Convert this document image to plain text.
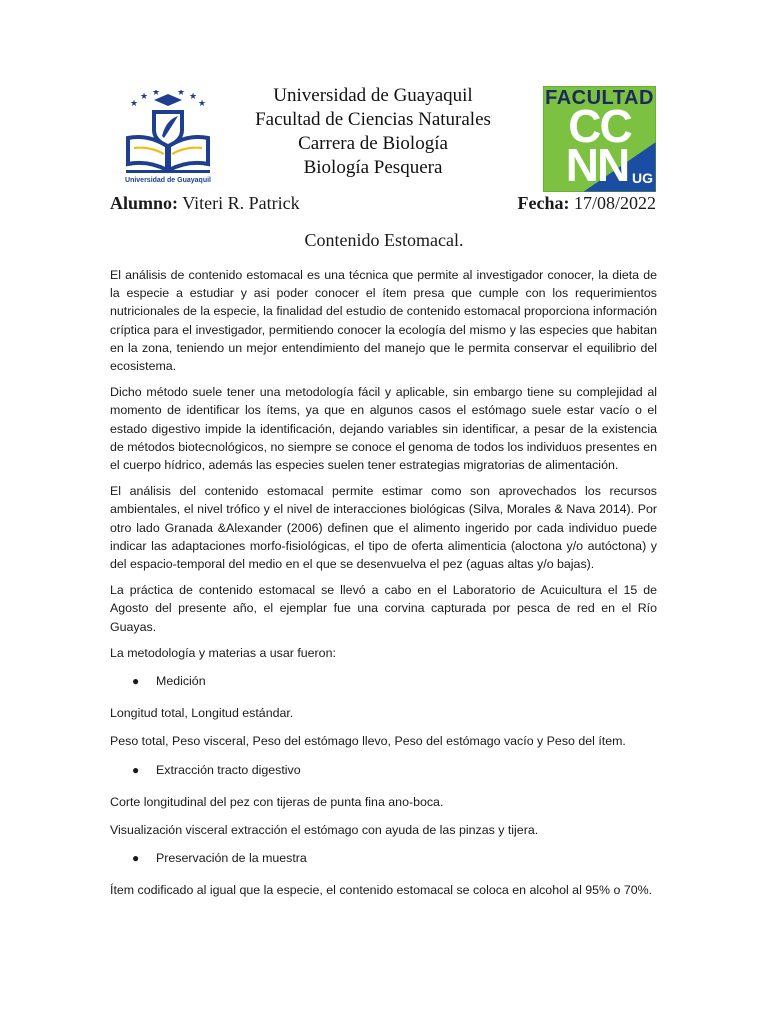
★
★ ★ ★ ★
★
Universidad de Guayaquil
Universidad de Guayaquil
Facultad de Ciencias Naturales
Carrera de Biología
Biología Pesquera
FACULTAD
CC
NN UG
Alumno: Viteri R. Patrick	Fecha: 17/08/2022
Contenido Estomacal.

El análisis de contenido estomacal es una técnica que permite al investigador conocer, la dieta de la especie a estudiar y asi poder conocer el ítem presa que cumple con los requerimientos nutricionales de la especie, la finalidad del estudio de contenido estomacal proporciona información críptica para el investigador, permitiendo conocer la ecología del mismo y las especies que habitan en la zona, teniendo un mejor entendimiento del manejo que le permita conservar el equilibrio del ecosistema.

Dicho método suele tener una metodología fácil y aplicable, sin embargo tiene su complejidad al momento de identificar los ítems, ya que en algunos casos el estómago suele estar vacío o el estado digestivo impide la identificación, dejando variables sin identificar, a pesar de la existencia de métodos biotecnológicos, no siempre se conoce el genoma de todos los individuos presentes en el cuerpo hídrico, además las especies suelen tener estrategias migratorias de alimentación.

El análisis del contenido estomacal permite estimar como son aprovechados los recursos ambientales, el nivel trófico y el nivel de interacciones biológicas (Silva, Morales & Nava 2014). Por otro lado Granada &Alexander (2006) definen que el alimento ingerido por cada individuo puede indicar las adaptaciones morfo-fisiológicas, el tipo de oferta alimenticia (aloctona y/o autóctona) y del espacio-temporal del medio en el que se desenvuelva el pez (aguas altas y/o bajas).

La práctica de contenido estomacal se llevó a cabo en el Laboratorio de Acuicultura el 15 de Agosto del presente año, el ejemplar fue una corvina capturada por pesca de red en el Río Guayas.

La metodología y materias a usar fueron:

● Medición
Longitud total, Longitud estándar.
Peso total, Peso visceral, Peso del estómago llevo, Peso del estómago vacío y Peso del ítem.
● Extracción tracto digestivo
Corte longitudinal del pez con tijeras de punta fina ano-boca.
Visualización visceral extracción el estómago con ayuda de las pinzas y tijera.
● Preservación de la muestra

Ítem codificado al igual que la especie, el contenido estomacal se coloca en alcohol al 95% o 70%.
